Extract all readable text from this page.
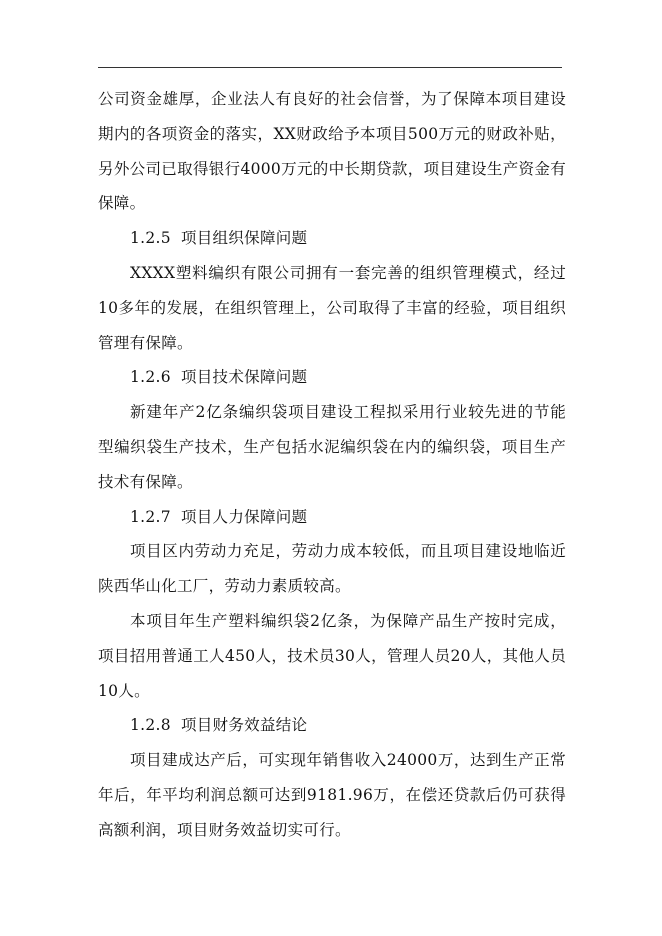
公司资金雄厚，企业法人有良好的社会信誉，为了保障本项目建设期内的各项资金的落实，XX财政给予本项目500万元的财政补贴，另外公司已取得银行4000万元的中长期贷款，项目建设生产资金有保障。

1.2.5 项目组织保障问题

XXXX塑料编织有限公司拥有一套完善的组织管理模式，经过10多年的发展，在组织管理上，公司取得了丰富的经验，项目组织管理有保障。

1.2.6 项目技术保障问题

新建年产2亿条编织袋项目建设工程拟采用行业较先进的节能型编织袋生产技术，生产包括水泥编织袋在内的编织袋，项目生产技术有保障。

1.2.7 项目人力保障问题

项目区内劳动力充足，劳动力成本较低，而且项目建设地临近陕西华山化工厂，劳动力素质较高。

本项目年生产塑料编织袋2亿条，为保障产品生产按时完成，项目招用普通工人450人，技术员30人，管理人员20人，其他人员10人。

1.2.8 项目财务效益结论

项目建成达产后，可实现年销售收入24000万，达到生产正常年后，年平均利润总额可达到9181.96万，在偿还贷款后仍可获得高额利润，项目财务效益切实可行。
